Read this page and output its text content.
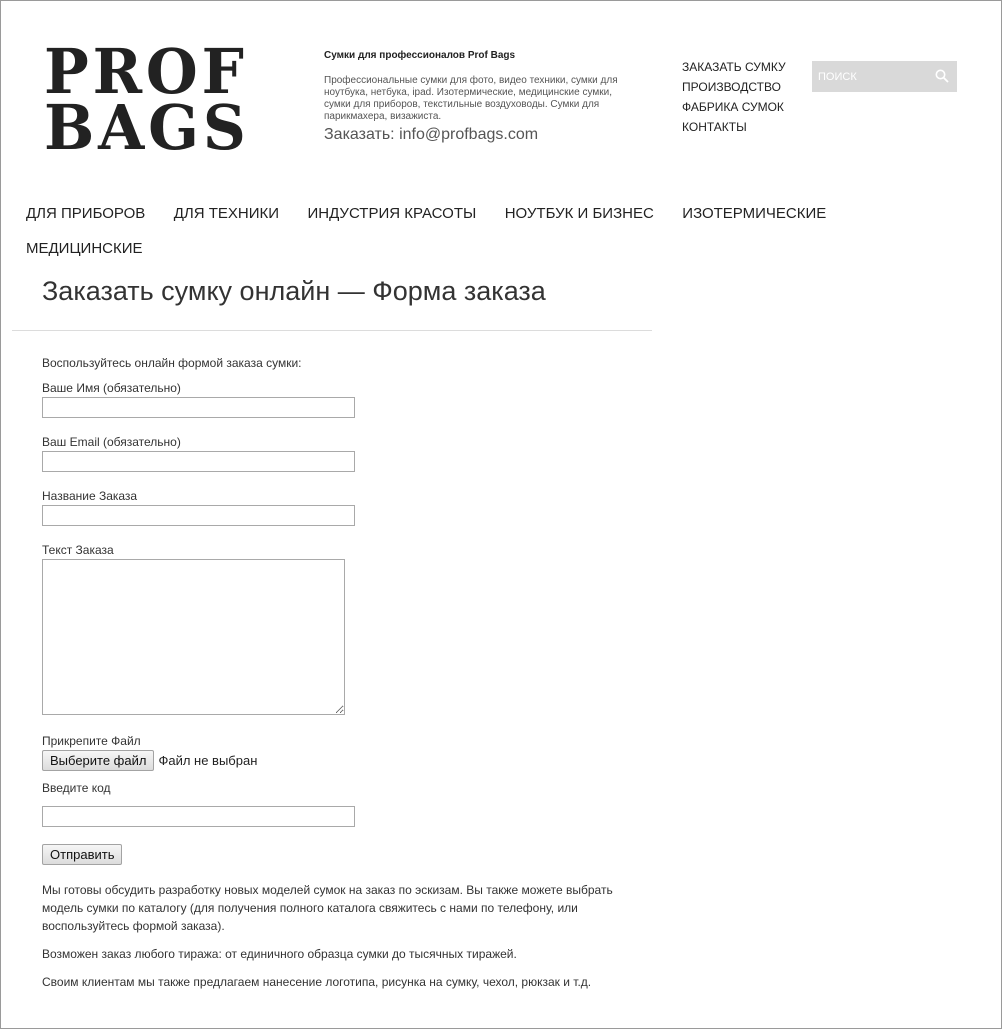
PROF
BAGS

Сумки для профессионалов Prof Bags

Профессиональные сумки для фото, видео техники, сумки для ноутбука, нетбука, ipad. Изотермические, медицинские сумки, сумки для приборов, текстильные воздуховоды. Сумки для парикмахера, визажиста.

Заказать: info@profbags.com

ЗАКАЗАТЬ СУМКУ
ПРОИЗВОДСТВО
ФАБРИКА СУМОК
КОНТАКТЫ
поиск
ДЛЯ ПРИБОРОВ ДЛЯ ТЕХНИКИ ИНДУСТРИЯ КРАСОТЫ НОУТБУК И БИЗНЕС ИЗОТЕРМИЧЕСКИЕ МЕДИЦИНСКИЕ
Заказать сумку онлайн — Форма заказа

Воспользуйтесь онлайн формой заказа сумки:

Ваше Имя (обязательно)
Ваш Email (обязательно)
Название Заказа
Текст Заказа
Прикрепите Файл
Выберите файл Файл не выбран
Введите код
Отправить

Мы готовы обсудить разработку новых моделей сумок на заказ по эскизам. Вы также можете выбрать модель сумки по каталогу (для получения полного каталога свяжитесь с нами по телефону, или воспользуйтесь формой заказа).

Возможен заказ любого тиража: от единичного образца сумки до тысячных тиражей.

Своим клиентам мы также предлагаем нанесение логотипа, рисунка на сумку, чехол, рюкзак и т.д.
